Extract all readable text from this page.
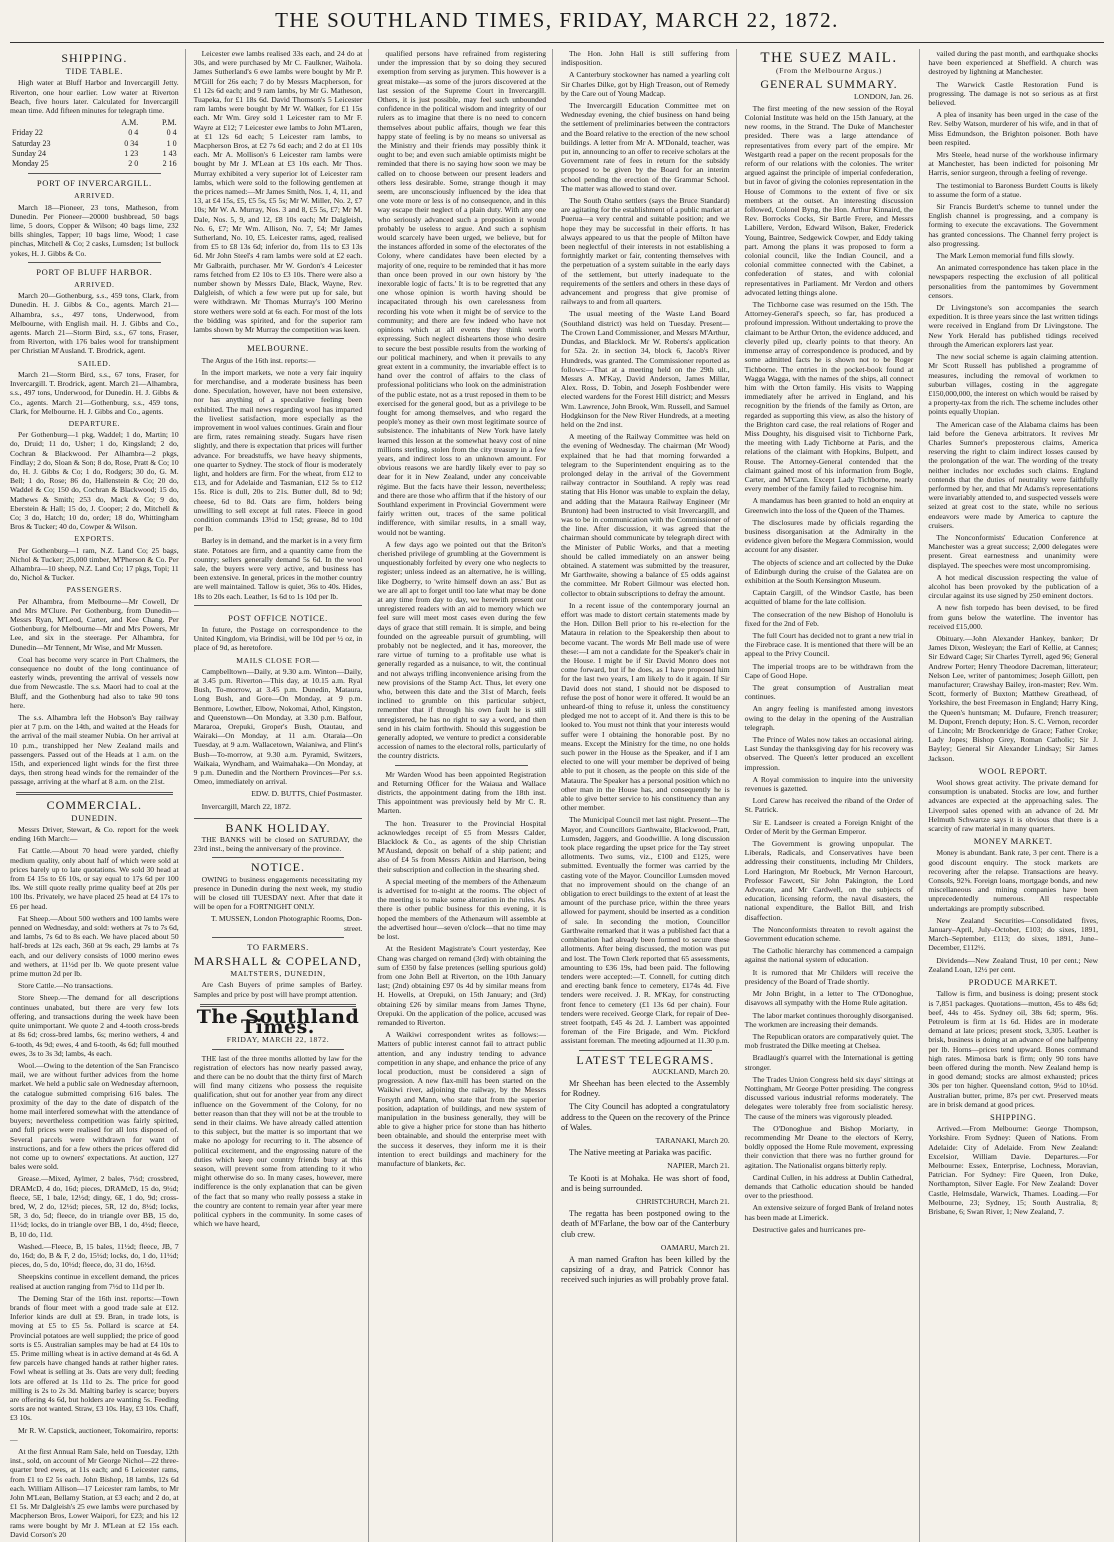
THE SOUTHLAND TIMES, FRIDAY, MARCH 22, 1872.
SHIPPING.
TIDE TABLE.

High water at Bluff Harbor and Invercargill Jetty. Riverton, one hour earlier. Low water at Riverton Beach, five hours later. Calculated for Invercargill mean time. Add fifteen minutes for telegraph time.

	A.M.	P.M.
Friday 22	0 4	0 4
Saturday 23	0 34	1 0
Sunday 24	1 23	1 43
Monday 25	2 0	2 16
PORT OF INVERCARGILL.
ARRIVED.

March 18—Pioneer, 23 tons, Matheson, from Dunedin. Per Pioneer—20000 bushbread, 50 bags lime, 5 doors, Copper & Wilson; 40 bags lime, 232 bills shingles, Tapper; 10 bags lime, Wood; 1 case pinchas, Mitchell & Co; 2 casks, Lumsden; 1st bullock yokes, H. J. Gibbs & Co.

PORT OF BLUFF HARBOR.
ARRIVED.

March 20—Gothenburg, s.s., 459 tons, Clark, from Dunedin. H. J. Gibbs & Co., agents. March 21—Alhambra, s.s., 497 tons, Underwood, from Melbourne, with English mail. H. J. Gibbs and Co., agents. March 21—Storm Bird, s.s., 67 tons, Fraser, from Riverton, with 176 bales wool for transhipment per Christian M'Ausland. T. Brodrick, agent.

SAILED.

March 21—Storm Bird, s.s., 67 tons, Fraser, for Invercargill. T. Brodrick, agent. March 21—Alhambra, s.s., 497 tons, Underwood, for Dunedin. H. J. Gibbs & Co., agents. March 21—Gothenburg, s.s., 459 tons, Clark, for Melbourne. H. J. Gibbs and Co., agents.

DEPARTURE.

Per Gothenburg—1 pkg, Waddel; 1 do, Martin; 10 do, Druid; 11 do, Usher; 1 do, Kingsland; 2 do, Cochran & Blackwood. Per Alhambra—2 pkgs, Findlay; 2 do, Sloan & Son; 8 do, Rose, Pratt & Co; 10 do, H. J. Gibbs & Co; 1 do, Rodgers; 30 do, G. M. Bell; 1 do, Rose; 86 do, Hallenstein & Co; 20 do, Waddel & Co; 150 do, Cochran & Blackwood; 15 do, Mathews & Smith; 253 do, Mack & Co; 9 do, Eberstein & Hall; 15 do, J. Cooper; 2 do, Mitchell & Co; 3 do, Hatch; 10 do, order; 18 do, Whittingham Bros & Tucker; 40 do, Cowper & Wilson.

EXPORTS.

Per Gothenburg—1 ram, N.Z. Land Co; 25 bags, Nichol & Tucker; 25,000 timber, M'Pherson & Co. Per Alhambra—10 sheep, N.Z. Land Co; 17 pkgs, Topi; 11 do, Nichol & Tucker.

PASSENGERS.

Per Alhambra, from Melbourne—Mr Cowell, Dr and Mrs M'Clure. Per Gothenburg, from Dunedin—Messrs Ryan, M'Leod, Carter, and Kee Chang. Per Gothenburg, for Melbourne—Mr and Mrs Powers, Mr Lee, and six in the steerage. Per Alhambra, for Dunedin—Mr Tennent, Mr Wise, and Mr Mussen.

Coal has become very scarce in Port Chalmers, the consequence no doubt of the long continuance of easterly winds, preventing the arrival of vessels now due from Newcastle. The s.s. Maori had to coal at the Bluff, and the Gothenburg had also to take 90 tons here.

The s.s. Alhambra left the Hobson's Bay railway pier at 7 p.m. on the 14th, and waited at the Heads for the arrival of the mail steamer Nubia. On her arrival at 10 p.m., transhipped her New Zealand mails and passengers. Passed out of the Heads at 1 a.m. on the 15th, and experienced light winds for the first three days, then strong head winds for the remainder of the passage, arriving at the wharf at 8 a.m. on the 21st.

COMMERCIAL.
DUNEDIN.

Messrs Driver, Stewart, & Co. report for the week ending 16th March:—

Fat Cattle.—About 70 head were yarded, chiefly medium quality, only about half of which were sold at prices barely up to late quotations. We sold 30 head at from £4 15s to £6 10s, or say equal to 17s 6d per 100 lbs. We still quote really prime quality beef at 20s per 100 lbs. Privately, we have placed 25 head at £4 17s to £6 per head.

Fat Sheep.—About 500 wethers and 100 lambs were penned on Wednesday, and sold: wethers at 7s to 7s 6d, and lambs, 7s 6d to 8s each. We have placed about 50 half-breds at 12s each, 360 at 9s each, 29 lambs at 7s each, and our delivery consists of 1000 merino ewes and wethers, at 11½d per lb. We quote present value prime mutton 2d per lb.

Store Cattle.—No transactions.

Store Sheep.—The demand for all descriptions continues unabated, but there are very few lots offering, and transactions during the week have been quite unimportant. We quote 2 and 4-tooth cross-breds at 8s 6d; cross-bred lambs, 6s; merino wethers, 4 and 6-tooth, 4s 9d; ewes, 4 and 6-tooth, 4s 6d; full mouthed ewes, 3s to 3s 3d; lambs, 4s each.

Wool.—Owing to the detention of the San Francisco mail, we are without further advices from the home market. We held a public sale on Wednesday afternoon, the catalogue submitted comprising 616 bales. The proximity of the day to the date of dispatch of the home mail interfered somewhat with the attendance of buyers; nevertheless competition was fairly spirited, and full prices were realised for all lots disposed of. Several parcels were withdrawn for want of instructions, and for a few others the prices offered did not come up to owners' expectations. At auction, 127 bales were sold.

Grease.—Mixed, Aylmer, 2 bales, 7½d; crossbred, DRAMcD, 4 do, 16d; pieces, DRAMcD, 15 do, 9½d; fleece, 5E, 1 bale, 12½d; dingy, 6E, 1 do, 9d; cross-bred, W, 2 do, 12½d; pieces, 5R, 12 do, 8½d; locks, 5R, 3 do, 5d; fleece, do in triangle over BB, 15 do, 11½d; locks, do in triangle over BB, 1 do, 4½d; fleece, B, 10 do, 11d.

Washed.—Fleece, B, 15 bales, 11½d; fleece, JB, 7 do, 16d; do, B & F, 2 do, 15½d; locks, do, 1 do, 11½d; pieces, do, 5 do, 10½d; fleece, do, 31 do, 16½d.

Sheepskins continue in excellent demand, the prices realised at auction ranging from 7½d to 11d per lb.

The Deming Star of the 16th inst. reports:—Town brands of flour meet with a good trade sale at £12. Inferior kinds are dull at £9. Bran, in trade lots, is moving at £5 to £5 5s. Pollard is scarce at £4. Provincial potatoes are well supplied; the price of good sorts is £5. Australian samples may be had at £4 10s to £5. Prime milling wheat is in active demand at 4s 6d. A few parcels have changed hands at rather higher rates. Fowl wheat is selling at 3s. Oats are very dull; feeding lots are offered at 1s 11d to 2s. The price for good milling is 2s to 2s 3d. Malting barley is scarce; buyers are offering 4s 6d, but holders are wanting 5s. Feeding sorts are not wanted. Straw, £3 10s. Hay, £3 10s. Chaff, £3 10s.

Mr R. W. Capstick, auctioneer, Tokomairiro, reports:—

At the first Annual Ram Sale, held on Tuesday, 12th inst., sold, on account of Mr George Nichol—22 three-quarter bred ewes, at 11s each; and 6 Leicester rams, from £1 to £2 5s each. John Bishop, 18 lambs, 12s 6d each. William Allison—17 Leicester ram lambs, to Mr John M'Lean, Bellamy Station, at £3 each; and 2 do, at £1 5s. Mr Dalgleish's 25 ewe lambs were purchased by Macpherson Bros, Lower Waipori, for £23; and his 12 rams were bought by Mr J. M'Lean at £2 15s each. David Corson's 20

Leicester ewe lambs realised 33s each, and 24 do at 30s, and were purchased by Mr C. Faulkner, Waihola. James Sutherland's 6 ewe lambs were bought by Mr P. M'Gill for 26s each; 7 do by Messrs Macpherson, for £1 12s 6d each; and 9 ram lambs, by Mr G. Matheson, Tuapeka, for £1 18s 6d. David Thomson's 5 Leicester ram lambs were bought by Mr W. Walker, for £1 15s each. Mr Wm. Grey sold 1 Leicester ram to Mr F. Wayre at £12; 7 Leicester ewe lambs to John M'Laren, at £1 12s 6d each; 5 Leicester ram lambs, to Macpherson Bros, at £2 7s 6d each; and 2 do at £1 10s each. Mr A. Mollison's 6 Leicester ram lambs were bought by Mr J. M'Lean at £3 10s each. Mr Thos. Murray exhibited a very superior lot of Leicester ram lambs, which were sold to the following gentlemen at the prices named:—Mr James Smith, Nos. 1, 4, 11, and 13, at £4 15s, £5, £5 5s, £5 5s; Mr W. Miller, No. 2, £7 10s; Mr W. A. Murray, Nos. 3 and 8, £5 5s, £7; Mr M. Dale, Nos. 5, 9, and 12, £8 10s each; Mr Dalgleish, No. 6, £7; Mr Wm. Allison, No. 7, £4; Mr James Sutherland, No. 10, £5. Leicester rams, aged, realised from £5 to £8 13s 6d; inferior do, from 11s to £3 13s 6d. Mr John Steel's 4 ram lambs were sold at £2 each. Mr Galbraith, purchaser. Mr W. Gordon's 4 Leicester rams fetched from £2 10s to £3 10s. There were also a number shown by Messrs Dale, Black, Wayne, Rev. Dalgleish, of which a few were put up for sale, but were withdrawn. Mr Thomas Murray's 100 Merino store wethers were sold at 6s each. For most of the lots the bidding was spirited, and for the superior ram lambs shown by Mr Murray the competition was keen.

MELBOURNE.

The Argus of the 16th inst. reports:—

In the import markets, we note a very fair inquiry for merchandise, and a moderate business has been done. Speculation, however, have not been extensive, nor has anything of a speculative feeling been exhibited. The mail news regarding wool has imparted the liveliest satisfaction, more especially as the improvement in wool values continues. Grain and flour are firm, rates remaining steady. Sugars have risen slightly, and there is expectation that prices will further advance. For breadstuffs, we have heavy shipments, one quarter to Sydney. The stock of flour is moderately light, and holders are firm. For the wheat, from £12 to £13, and for Adelaide and Tasmanian, £12 5s to £12 15s. Rice is dull, 20s to 21s. Butter dull, 8d to 9d; cheese, 6d to 8d. Oats are firm, holders being unwilling to sell except at full rates. Fleece in good condition commands 13½d to 15d; grease, 8d to 10d per lb.

Barley is in demand, and the market is in a very firm state. Potatoes are firm, and a quantity came from the country; sellers generally demand 5s 6d. In the wool sale, the buyers were very active, and business has been extensive. In general, prices in the mother country are well maintained. Tallow is quiet, 36s to 40s. Hides, 18s to 20s each. Leather, 1s 6d to 1s 10d per lb.

POST OFFICE NOTICE.

In future, the Postage on correspondence to the United Kingdom, via Brindisi, will be 10d per ½ oz, in place of 9d, as heretofore.

MAILS CLOSE FOR—

Campbelltown—Daily, at 9.30 a.m. Winton—Daily, at 3.45 p.m. Riverton—This day, at 10.15 a.m. Ryal Bush, To-morrow, at 3.45 p.m. Dunedin, Mataura, Long Bush, and Gore—On Monday, at 9 p.m. Benmore, Lowther, Elbow, Nokomai, Athol, Kingston, and Queenstown—On Monday, at 3.30 p.m. Balfour, Mararoa, Orepuki, Groper's Bush, Otautau, and Wairaki—On Monday, at 11 a.m. Otaraia—On Tuesday, at 9 a.m. Wallacetown, Waianiwa, and Flint's Bush—To-morrow, at 9.30 a.m. Pyramid, Switzers, Waikaia, Wyndham, and Waimahaka—On Monday, at 9 p.m. Dunedin and the Northern Provinces—Per s.s. Omeo, immediately on arrival.

EDW. D. BUTTS, Chief Postmaster.

Invercargill, March 22, 1872.

BANK HOLIDAY.

THE BANKS will be closed on SATURDAY, the 23rd inst., being the anniversary of the province.

NOTICE.

OWING to business engagements necessitating my presence in Dunedin during the next week, my studio will be closed till TUESDAY next. After that date it will be open for a FORTNIGHT ONLY.

T. MUSSEN, London Photographic Rooms, Don-street.

TO FARMERS.
MARSHALL & COPELAND,
MALTSTERS, DUNEDIN,

Are Cash Buyers of prime samples of Barley. Samples and price by post will have prompt attention.

The Southland Times.
FRIDAY, MARCH 22, 1872.

THE last of the three months allotted by law for the registration of electors has now nearly passed away, and there can be no doubt that the thirty first of March will find many citizens who possess the requisite qualification, shut out for another year from any direct influence on the Government of the Colony, for no better reason than that they will not be at the trouble to send in their claims. We have already called attention to this subject, but the matter is so important that we make no apology for recurring to it. The absence of political excitement, and the engrossing nature of the duties which keep our country friends busy at this season, will prevent some from attending to it who might otherwise do so. In many cases, however, mere indifference is the only explanation that can be given of the fact that so many who really possess a stake in the country are content to remain year after year mere political cyphers in the community. In some cases of which we have heard,

qualified persons have refrained from registering under the impression that by so doing they secured exemption from serving as jurymen. This however is a great mistake—as some of the jurors discovered at the last session of the Supreme Court in Invercargill. Others, it is just possible, may feel such unbounded confidence in the political wisdom and integrity of our rulers as to imagine that there is no need to concern themselves about public affairs, though we fear this happy state of feeling is by no means so universal as the Ministry and their friends may possibly think it ought to be; and even such amiable optimists might be reminded that there is no saying how soon we may be called on to choose between our present leaders and others less desirable. Some, strange though it may seem, are unconsciously influenced by the idea that one vote more or less is of no consequence, and in this way escape their neglect of a plain duty. With any one who seriously advanced such a proposition it would probably be useless to argue. And such a sophism would scarcely have been urged, we believe, but for the instances afforded in some of the electorates of the Colony, where candidates have been elected by a majority of one, require to be reminded that it has more than once been proved in our own history by 'the inexorable logic of facts.' It is to be regretted that any one whose opinion is worth having should be incapacitated through his own carelessness from recording his vote when it might be of service to the community; and there are few indeed who have not opinions which at all events they think worth expressing. Such neglect disheartens those who desire to secure the best possible results from the working of our political machinery, and when it prevails to any great extent in a community, the invariable effect is to hand over the control of affairs to the class of professional politicians who look on the administration of the public estate, not as a trust reposed in them to be exercised for the general good, but as a privilege to be fought for among themselves, and who regard the people's money as their own most legitimate source of subsistence. The inhabitants of New York have lately learned this lesson at the somewhat heavy cost of nine millions sterling, stolen from the city treasury in a few years, and indirect loss to an unknown amount. For obvious reasons we are hardly likely ever to pay so dear for it in New Zealand, under any conceivable régime. But the facts have their lesson, nevertheless; and there are those who affirm that if the history of our Southland experiment in Provincial Government were fairly written out, traces of the same political indifference, with similar results, in a small way, would not be wanting.

A few days ago we pointed out that the Briton's cherished privilege of grumbling at the Government is unquestionably forfeited by every one who neglects to register; unless indeed as an alternative, he is willing, like Dogberry, to 'write himself down an ass.' But as we are all apt to forget until too late what may be done at any time from day to day, we herewith present our unregistered readers with an aid to memory which we feel sure will meet most cases even during the few days of grace that still remain. It is simple, and being founded on the agreeable pursuit of grumbling, will probably not be neglected, and it has, moreover, the rare virtue of turning to a profitable use what is generally regarded as a nuisance, to wit, the continual and not always trifling inconvenience arising from the new provisions of the Stamp Act. Thus, let every one who, between this date and the 31st of March, feels inclined to grumble on this particular subject, remember that if through his own fault he is still unregistered, he has no right to say a word, and then send in his claim forthwith. Should this suggestion be generally adopted, we venture to predict a considerable accession of names to the electoral rolls, particularly of the country districts.

Mr Warden Wood has been appointed Registration and Returning Officer for the Waiaua and Wallace districts, the appointment dating from the 18th inst. This appointment was previously held by Mr C. R. Marten.

The hon. Treasurer to the Provincial Hospital acknowledges receipt of £5 from Messrs Calder, Blacklock & Co., as agents of the ship Christian M'Ausland, deposit on behalf of a ship patient; and also of £4 5s from Messrs Aitkin and Harrison, being their subscription and collection in the shearing shed.

A special meeting of the members of the Athenæum is advertised for to-night at the rooms. The object of the meeting is to make some alteration in the rules. As there is other public business for this evening, it is hoped the members of the Athenæum will assemble at the advertised hour—seven o'clock—that no time may be lost.

At the Resident Magistrate's Court yesterday, Kee Chang was charged on remand (3rd) with obtaining the sum of £350 by false pretences (selling spurious gold) from one John Bell at Riverton, on the 10th January last; (2nd) obtaining £97 0s 4d by similar means from H. Howells, at Orepuki, on 15th January; and (3rd) obtaining £26 by similar means from James Thyne, Orepuki. On the application of the police, accused was remanded to Riverton.

A Waikiwi correspondent writes as follows:—Matters of public interest cannot fail to attract public attention, and any industry tending to advance competition in any shape, and enhance the price of any local production, must be considered a sign of progression. A new flax-mill has been started on the Waikiwi river, adjoining the railway, by the Messrs Forsyth and Mann, who state that from the superior position, adaptation of buildings, and new system of manipulation in the business generally, they will be able to give a higher price for stone than has hitherto been obtainable, and should the enterprise meet with the success it deserves, they inform me it is their intention to erect buildings and machinery for the manufacture of blankets, &c.

The Hon. John Hall is still suffering from indisposition.

A Canterbury stockowner has named a yearling colt Sir Charles Dilke, got by High Treason, out of Remedy by the Care out of Young Madcap.

The Invercargill Education Committee met on Wednesday evening, the chief business on hand being the settlement of preliminaries between the contractors and the Board relative to the erection of the new school buildings. A letter from Mr A. M'Donald, teacher, was put in, announcing to an offer to receive scholars at the Government rate of fees in return for the subsidy proposed to be given by the Board for an interim school pending the erection of the Grammar School. The matter was allowed to stand over.

The South Otaho settlers (says the Bruce Standard) are agitating for the establishment of a public market at Puerua—a very central and suitable position; and we hope they may be successful in their efforts. It has always appeared to us that the people of Milton have been neglectful of their interests in not establishing a fortnightly market or fair, contenting themselves with the perpetuation of a system suitable in the early days of the settlement, but utterly inadequate to the requirements of the settlers and others in these days of advancement and progress that give promise of railways to and from all quarters.

The usual meeting of the Waste Land Board (Southland district) was held on Tuesday. Present—The Crown Land Commissioner, and Messrs M'Arthur, Dundas, and Blacklock. Mr W. Roberts's application for 52a. 2r. in section 34, block 6, Jacob's River Hundreds, was granted. The Commissioner reported as follows:—That at a meeting held on the 29th ult., Messrs A. M'Kay, David Anderson, James Millar, Alex. Ross, D. Tobin, and Joseph Foshbender were elected wardens for the Forest Hill district; and Messrs Wm. Lawrence, John Brook, Wm. Russell, and Samuel Hodgkinson for the New River Hundreds, at a meeting held on the 2nd inst.

A meeting of the Railway Committee was held on the evening of Wednesday. The chairman (Mr Wood) explained that he had that morning forwarded a telegram to the Superintendent enquiring as to the prolonged delay in the arrival of the Government railway contractor in Southland. A reply was read stating that His Honor was unable to explain the delay, and adding that the Mataura Railway Engineer (Mr Brunton) had been instructed to visit Invercargill, and was to be in communication with the Commissioner of the line. After discussion, it was agreed that the chairman should communicate by telegraph direct with the Minister of Public Works, and that a meeting should be called immediately on an answer being obtained. A statement was submitted by the treasurer, Mr Garthwaite, showing a balance of £5 odds against the committee. Mr Robert Gilmour was elected hon. collector to obtain subscriptions to defray the amount.

In a recent issue of the contemporary journal an effort was made to distort certain statements made by the Hon. Dillon Bell prior to his re-election for the Mataura in relation to the Speakership then about to become vacant. The words Mr Bell made use of were these:—I am not a candidate for the Speaker's chair in the House. I might be if Sir David Monro does not come forward, but if he does, as I have proposed him for the last two years, I am likely to do it again. If Sir David does not stand, I should not be disposed to refuse the post of honor were it offered. It would be an unheard-of thing to refuse it, unless the constituency pledged me not to accept of it. And there is this to be looked to. You must not think that your interests would suffer were I obtaining the honorable post. By no means. Except the Ministry for the time, no one holds such power in the House as the Speaker, and if I am elected to one will your member be deprived of being able to put it chosen, as the people on this side of the Mataura. The Speaker has a personal position which no other man in the House has, and consequently he is able to give better service to his constituency than any other member.

The Municipal Council met last night. Present—The Mayor, and Councillors Garthwaite, Blackwood, Pratt, Lumsden, Jaggers, and Goodwillie. A long discussion took place regarding the upset price for the Tay street allotments. Two sums, viz., £100 and £125, were submitted. Eventually the former was carried by the casting vote of the Mayor. Councillor Lumsden moved that no improvement should on the change of an obligation to erect buildings to the extent of at least the amount of the purchase price, within the three years allowed for payment, should be inserted as a condition of sale. In seconding the motion, Councillor Garthwaite remarked that it was a published fact that a combination had already been formed to secure these allotments. After being discussed, the motion was put and lost. The Town Clerk reported that 65 assessments, amounting to £36 19s, had been paid. The following tenders were accepted:—T. Connell, for cutting ditch and erecting bank fence to cemetery, £174s 4d. Five tenders were received. J. R. M'Kay, for constructing front fence to cemetery (£1 13s 6d per chain). Four tenders were received. George Clark, for repair of Dee-street footpath, £45 4s 2d. J. Lambert was appointed foreman of the Fire Brigade, and Wm. Pickford assistant foreman. The meeting adjourned at 11.30 p.m.

LATEST TELEGRAMS.

AUCKLAND, March 20.

Mr Sheehan has been elected to the Assembly for Rodney.

The City Council has adopted a congratulatory address to the Queen on the recovery of the Prince of Wales.

TARANAKI, March 20.

The Native meeting at Pariaka was pacific.

NAPIER, March 21.

Te Kooti is at Mohaka. He was short of food, and is being surrounded.

CHRISTCHURCH, March 21.

The regatta has been postponed owing to the death of M'Farlane, the bow oar of the Canterbury club crew.

OAMARU, March 21.

A man named Grafton has been killed by the capsizing of a dray, and Patrick Connor has received such injuries as will probably prove fatal.

THE SUEZ MAIL.
(From the Melbourne Argus.)
GENERAL SUMMARY.

LONDON, Jan. 26.

The first meeting of the new session of the Royal Colonial Institute was held on the 15th January, at the new rooms, in the Strand. The Duke of Manchester presided. There was a large attendance of representatives from every part of the empire. Mr Westgarth read a paper on the recent proposals for the reform of our relations with the colonies. The writer argued against the principle of imperial confederation, but in favor of giving the colonies representation in the House of Commons to the extent of five or six members at the outset. An interesting discussion followed, Colonel Byng, the Hon. Arthur Kinnaird, the Rev. Borrocks Cocks, Sir Bartle Frere, and Messrs Labillere, Verdon, Edward Wilson, Baker, Frederick Young, Baintree, Sedgewick Cowper, and Eddy taking part. Among the plans it was proposed to form a colonial council, like the Indian Council, and a colonial committee connected with the Cabinet, a confederation of states, and with colonial representatives in Parliament. Mr Verdon and others advocated letting things alone.

The Tichborne case was resumed on the 15th. The Attorney-General's speech, so far, has produced a profound impression. Without undertaking to prove the claimant to be Arthur Orton, the evidence adduced, and cleverly piled up, clearly points to that theory. An immense array of correspondence is produced, and by some admitted facts he is shown not to be Roger Tichborne. The entries in the pocket-book found at Wagga Wagga, with the names of the ships, all connect him with the Orton family. His visits to Wapping immediately after he arrived in England, and his recognition by the friends of the family as Orton, are regarded as supporting this view, as also the history of the Brighton card case, the real relations of Roger and Miss Doughty, his disguised visit to Tichborne Park, the meeting with Lady Tichborne at Paris, and the relations of the claimant with Hopkins, Bulpett, and Rouse. The Attorney-General contended that the claimant gained most of his information from Bogle, Carter, and M'Cann. Except Lady Tichborne, nearly every member of the family failed to recognise him.

A mandamus has been granted to hold an enquiry at Greenwich into the loss of the Queen of the Thames.

The disclosures made by officials regarding the business disorganisation at the Admiralty in the evidence given before the Megæra Commission, would account for any disaster.

The objects of science and art collected by the Duke of Edinburgh during the cruise of the Galatea are on exhibition at the South Kensington Museum.

Captain Cargill, of the Windsor Castle, has been acquitted of blame for the late collision.

The consecration of the new Bishop of Honolulu is fixed for the 2nd of Feb.

The full Court has decided not to grant a new trial in the Firebrace case. It is mentioned that there will be an appeal to the Privy Council.

The imperial troops are to be withdrawn from the Cape of Good Hope.

The great consumption of Australian meat continues.

An angry feeling is manifested among investors owing to the delay in the opening of the Australian telegraph.

The Prince of Wales now takes an occasional airing. Last Sunday the thanksgiving day for his recovery was observed. The Queen's letter produced an excellent impression.

A Royal commission to inquire into the university revenues is gazetted.

Lord Carew has received the riband of the Order of St. Patrick.

Sir E. Landseer is created a Foreign Knight of the Order of Merit by the German Emperor.

The Government is growing unpopular. The Liberals, Radicals, and Conservatives have been addressing their constituents, including Mr Childers, Lord Harington, Mr Roebuck, Mr Vernon Harcourt, Professor Fawcett, Sir John Pakington, the Lord Advocate, and Mr Cardwell, on the subjects of education, licensing reform, the naval disasters, the national expenditure, the Ballot Bill, and Irish disaffection.

The Nonconformists threaten to revolt against the Government education scheme.

The Catholic hierarchy has commenced a campaign against the national system of education.

It is rumored that Mr Childers will receive the presidency of the Board of Trade shortly.

Mr John Bright, in a letter to The O'Donoghue, disavows all sympathy with the Home Rule agitation.

The labor market continues thoroughly disorganised. The workmen are increasing their demands.

The Republican orators are comparatively quiet. The mob frustrated the Dilke meeting at Chelsea.

Bradlaugh's quarrel with the International is getting stronger.

The Trades Union Congress held six days' sittings at Nottingham, Mr George Potter presiding. The congress discussed various industrial reforms moderately. The delegates were tolerably free from socialistic heresy. The cause of the miners was vigorously pleaded.

The O'Donoghue and Bishop Moriarty, in recommending Mr Deane to the electors of Kerry, boldly opposed the Home Rule movement, expressing their conviction that there was no further ground for agitation. The Nationalist organs bitterly reply.

Cardinal Cullen, in his address at Dublin Cathedral, demands that Catholic education should be handed over to the priesthood.

An extensive seizure of forged Bank of Ireland notes has been made at Limerick.

Destructive gales and hurricanes pre-

vailed during the past month, and earthquake shocks have been experienced at Sheffield. A church was destroyed by lightning at Manchester.

The Warwick Castle Restoration Fund is progressing. The damage is not so serious as at first believed.

A plea of insanity has been urged in the case of the Rev. Selby Watson, murderer of his wife, and in that of Miss Edmundson, the Brighton poisoner. Both have been respited.

Mrs Steele, head nurse of the workhouse infirmary at Manchester, has been indicted for poisoning Mr Harris, senior surgeon, through a feeling of revenge.

The testimonial to Baroness Burdett Coutts is likely to assume the form of a statue.

Sir Francis Burdett's scheme to tunnel under the English channel is progressing, and a company is forming to execute the excavations. The Government has granted concessions. The Channel ferry project is also progressing.

The Mark Lemon memorial fund fills slowly.

An animated correspondence has taken place in the newspapers respecting the exclusion of all political personalities from the pantomimes by Government censors.

Dr Livingstone's son accompanies the search expedition. It is three years since the last written tidings were received in England from Dr Livingstone. The New York Herald has published tidings received through the American explorers last year.

The new social scheme is again claiming attention. Mr Scott Russell has published a programme of measures, including the removal of workmen to suburban villages, costing in the aggregate £150,000,000, the interest on which would be raised by a property-tax from the rich. The scheme includes other points equally Utopian.

The American case of the Alabama claims has been laid before the Geneva arbitrators. It revives Mr Charles Sumner's preposterous claims, America reserving the right to claim indirect losses caused by the prolongation of the war. The wording of the treaty neither includes nor excludes such claims. England contends that the duties of neutrality were faithfully performed by her, and that Mr Adams's representations were invariably attended to, and suspected vessels were seized at great cost to the state, while no serious endeavors were made by America to capture the cruisers.

The Nonconformists' Education Conference at Manchester was a great success; 2,000 delegates were present. Great earnestness and unanimity were displayed. The speeches were most uncompromising.

A hot medical discussion respecting the value of alcohol has been provoked by the publication of a circular against its use signed by 250 eminent doctors.

A new fish torpedo has been devised, to be fired from guns below the waterline. The inventor has received £15,000.

Obituary.—John Alexander Hankey, banker; Dr James Dixon, Wesleyan; the Earl of Kellie, at Cannes; Sir Edward Cage; Sir Charles Tyrrell, aged 96; General Andrew Porter; Henry Theodore Dacreman, litterateur; Nelson Lee, writer of pantomimes; Joseph Gillott, pen manufacturer; Crawshay Bailey, iron-master; Rev. Wm. Scott, formerly of Buxton; Matthew Greathead, of Yorkshire, the best Freemason in England; Harry King, the Queen's huntsman; M. Dufaure, French treasurer; M. Dupont, French deputy; Hon. S. C. Vernon, recorder of Lincoln; Mr Brockenridge de Grace; Father Croke; Lady Jopes; Bishop Grey, Roman Catholic; Sir J. Bayley; General Sir Alexander Lindsay; Sir James Jackson.

WOOL REPORT.

Wool shows great activity. The private demand for consumption is unabated. Stocks are low, and further advances are expected at the approaching sales. The Liverpool sales opened with an advance of 2d. Mr Helmuth Schwartze says it is obvious that there is a scarcity of raw material in many quarters.

MONEY MARKET.

Money is abundant. Bank rate, 3 per cent. There is a good discount enquiry. The stock markets are recovering after the relapse. Transactions are heavy. Consols, 92⅝. Foreign loans, mortgage bonds, and new miscellaneous and mining companies have been unprecedentedly numerous. All respectable undertakings are promptly subscribed.

New Zealand Securities—Consolidated fives, January–April, July–October, £103; do sixes, 1891, March–September, £113; do sixes, 1891, June–December, £112½.

Dividends—New Zealand Trust, 10 per cent.; New Zealand Loan, 12½ per cent.

PRODUCE MARKET.

Tallow is firm, and business is doing; present stock is 7,851 packages. Quotations—mutton, 45s to 48s 6d; beef, 44s to 45s. Sydney oil, 38s 6d; sperm, 96s. Petroleum is firm at 1s 6d. Hides are in moderate demand at late prices; present stock, 3,305. Leather is brisk, business is doing at an advance of one halfpenny per lb. Horns—prices tend upward. Bones command high rates. Mimosa bark is firm; only 90 tons have been offered during the month. New Zealand hemp is in good demand; stocks are almost exhausted; prices 30s per ton higher. Queensland cotton, 9½d to 10½d. Australian butter, prime, 87s per cwt. Preserved meats are in brisk demand at good prices.

SHIPPING.

Arrived.—From Melbourne: George Thompson, Yorkshire. From Sydney: Queen of Nations. From Adelaide: City of Adelaide. From New Zealand: Excelsior, William Davie. Departures.—For Melbourne: Essex, Enterprise, Lochness, Moravian, Patrician. For Sydney: Fire Queen, Iron Duke, Northampton, Silver Eagle. For New Zealand: Dover Castle, Helmsdale, Warwick, Thames. Loading.—For Melbourne, 23; Sydney, 15; South Australia, 8; Brisbane, 6; Swan River, 1; New Zealand, 7.
